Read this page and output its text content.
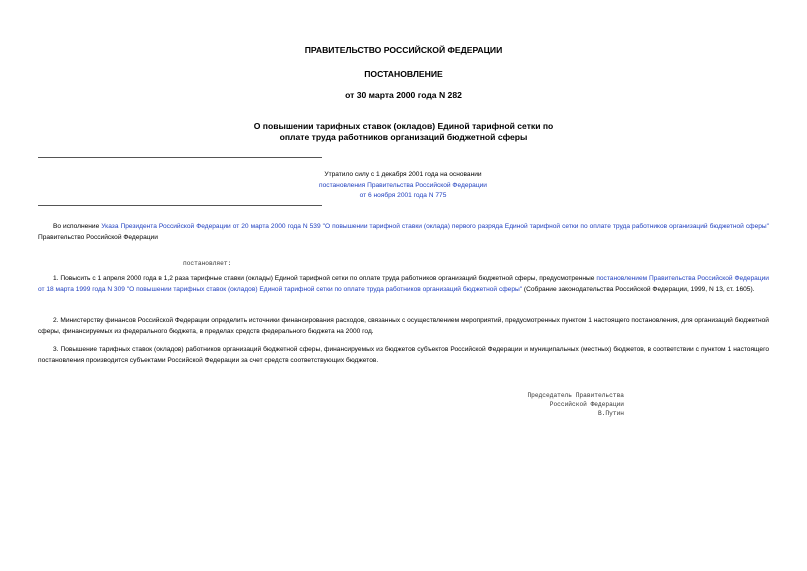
ПРАВИТЕЛЬСТВО РОССИЙСКОЙ ФЕДЕРАЦИИ
ПОСТАНОВЛЕНИЕ
от 30 марта 2000 года N 282
О повышении тарифных ставок (окладов) Единой тарифной сетки по
оплате труда работников организаций бюджетной сферы
Утратило силу с 1 декабря 2001 года на основании
постановления Правительства Российской Федерации
от 6 ноября 2001 года N 775

Во исполнение Указа Президента Российской Федерации от 20 марта 2000 года N 539 "О повышении тарифной ставки (оклада) первого разряда Единой тарифной сетки по оплате труда работников организаций бюджетной сферы" Правительство Российской Федерации

постановляет:

1. Повысить с 1 апреля 2000 года в 1,2 раза тарифные ставки (оклады) Единой тарифной сетки по оплате труда работников организаций бюджетной сферы, предусмотренные постановлением Правительства Российской Федерации от 18 марта 1999 года N 309 "О повышении тарифных ставок (окладов) Единой тарифной сетки по оплате труда работников организаций бюджетной сферы" (Собрание законодательства Российской Федерации, 1999, N 13, ст. 1605).

2. Министерству финансов Российской Федерации определить источники финансирования расходов, связанных с осуществлением мероприятий, предусмотренных пунктом 1 настоящего постановления, для организаций бюджетной сферы, финансируемых из федерального бюджета, в пределах средств федерального бюджета на 2000 год.

3. Повышение тарифных ставок (окладов) работников организаций бюджетной сферы, финансируемых из бюджетов субъектов Российской Федерации и муниципальных (местных) бюджетов, в соответствии с пунктом 1 настоящего постановления производится субъектами Российской Федерации за счет средств соответствующих бюджетов.

Председатель Правительства
Российской Федерации
В.Путин
